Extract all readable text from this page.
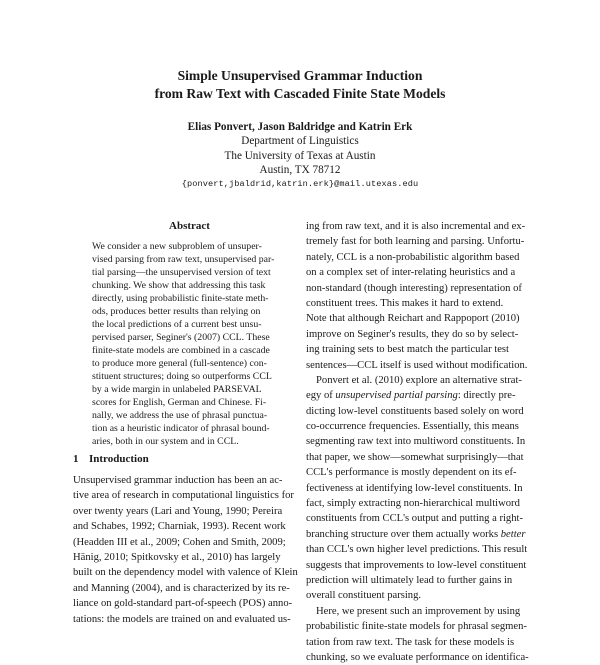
Simple Unsupervised Grammar Induction
from Raw Text with Cascaded Finite State Models
Elias Ponvert, Jason Baldridge and Katrin Erk
Department of Linguistics
The University of Texas at Austin
Austin, TX 78712
{ponvert,jbaldrid,katrin.erk}@mail.utexas.edu
Abstract
We consider a new subproblem of unsuper-
vised parsing from raw text, unsupervised par-
tial parsing—the unsupervised version of text
chunking. We show that addressing this task
directly, using probabilistic finite-state meth-
ods, produces better results than relying on
the local predictions of a current best unsu-
pervised parser, Seginer's (2007) CCL. These
finite-state models are combined in a cascade
to produce more general (full-sentence) con-
stituent structures; doing so outperforms CCL
by a wide margin in unlabeled PARSEVAL
scores for English, German and Chinese. Fi-
nally, we address the use of phrasal punctua-
tion as a heuristic indicator of phrasal bound-
aries, both in our system and in CCL.
1 Introduction
Unsupervised grammar induction has been an ac-
tive area of research in computational linguistics for
over twenty years (Lari and Young, 1990; Pereira
and Schabes, 1992; Charniak, 1993). Recent work
(Headden III et al., 2009; Cohen and Smith, 2009;
Hänig, 2010; Spitkovsky et al., 2010) has largely
built on the dependency model with valence of Klein
and Manning (2004), and is characterized by its re-
liance on gold-standard part-of-speech (POS) anno-
tations: the models are trained on and evaluated us-
ing from raw text, and it is also incremental and ex-
tremely fast for both learning and parsing. Unfortu-
nately, CCL is a non-probabilistic algorithm based
on a complex set of inter-relating heuristics and a
non-standard (though interesting) representation of
constituent trees. This makes it hard to extend.
Note that although Reichart and Rappoport (2010)
improve on Seginer's results, they do so by select-
ing training sets to best match the particular test
sentences—CCL itself is used without modification.
Ponvert et al. (2010) explore an alternative strat-
egy of unsupervised partial parsing: directly pre-
dicting low-level constituents based solely on word
co-occurrence frequencies. Essentially, this means
segmenting raw text into multiword constituents. In
that paper, we show—somewhat surprisingly—that
CCL's performance is mostly dependent on its ef-
fectiveness at identifying low-level constituents. In
fact, simply extracting non-hierarchical multiword
constituents from CCL's output and putting a right-
branching structure over them actually works better
than CCL's own higher level predictions. This result
suggests that improvements to low-level constituent
prediction will ultimately lead to further gains in
overall constituent parsing.
Here, we present such an improvement by using
probabilistic finite-state models for phrasal segmen-
tation from raw text. The task for these models is
chunking, so we evaluate performance on identifica-
